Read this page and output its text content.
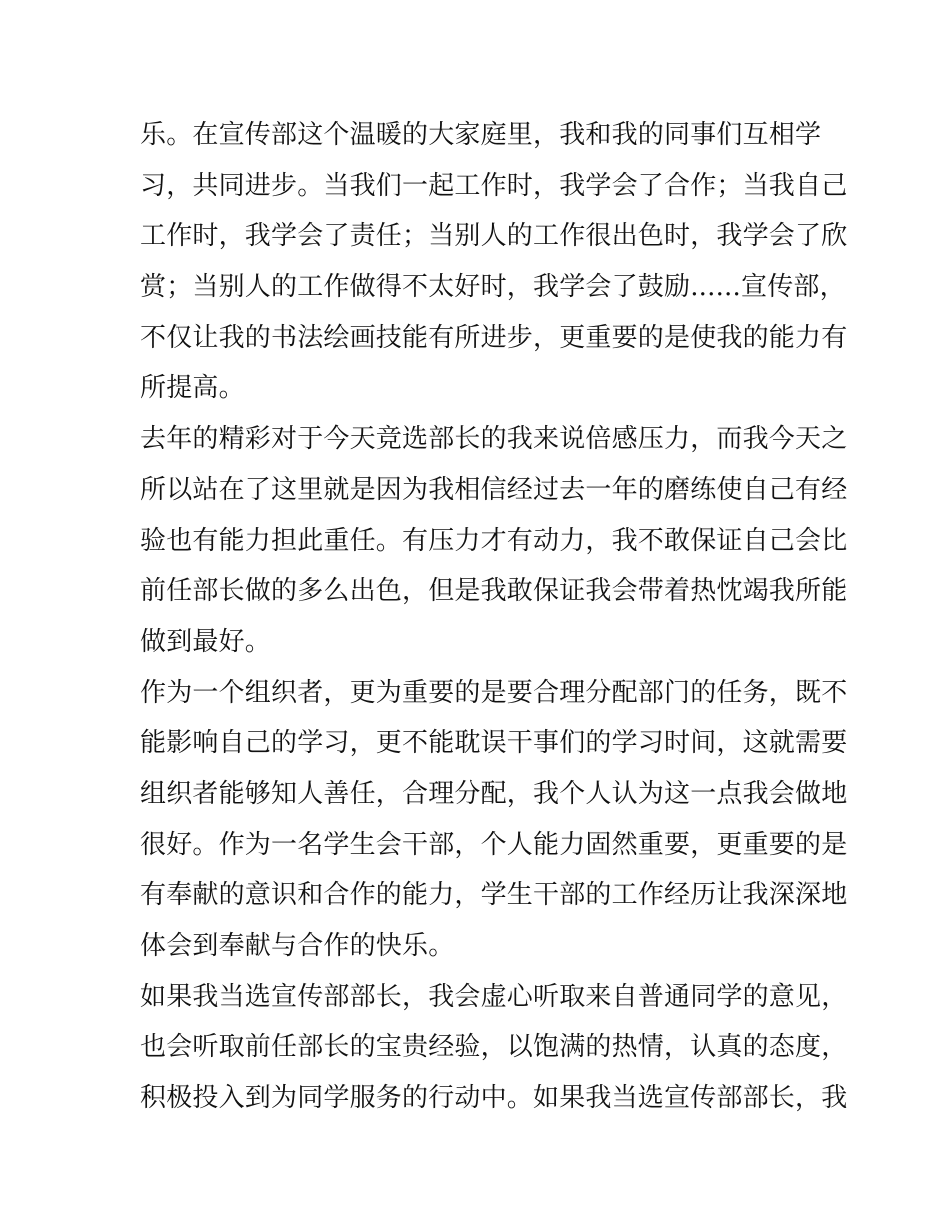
乐。在宣传部这个温暖的大家庭里，我和我的同事们互相学
习，共同进步。当我们一起工作时，我学会了合作；当我自己
工作时，我学会了责任；当别人的工作很出色时，我学会了欣
赏；当别人的工作做得不太好时，我学会了鼓励......宣传部，
不仅让我的书法绘画技能有所进步，更重要的是使我的能力有
所提高。

去年的精彩对于今天竞选部长的我来说倍感压力，而我今天之
所以站在了这里就是因为我相信经过去一年的磨练使自己有经
验也有能力担此重任。有压力才有动力，我不敢保证自己会比
前任部长做的多么出色，但是我敢保证我会带着热忱竭我所能
做到最好。

作为一个组织者，更为重要的是要合理分配部门的任务，既不
能影响自己的学习，更不能耽误干事们的学习时间，这就需要
组织者能够知人善任，合理分配，我个人认为这一点我会做地
很好。作为一名学生会干部，个人能力固然重要，更重要的是
有奉献的意识和合作的能力，学生干部的工作经历让我深深地
体会到奉献与合作的快乐。

如果我当选宣传部部长，我会虚心听取来自普通同学的意见，
也会听取前任部长的宝贵经验，以饱满的热情，认真的态度，
积极投入到为同学服务的行动中。如果我当选宣传部部长，我
